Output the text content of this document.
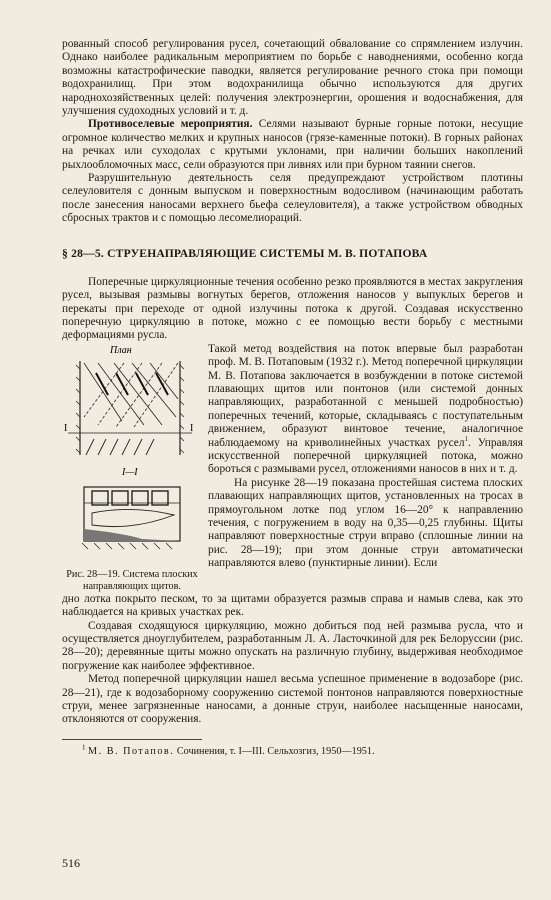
рованный способ регулирования русел, сочетающий обвалование со спрямлением излучин. Однако наиболее радикальным мероприятием по борьбе с наводнениями, особенно когда возможны катастрофические паводки, является регулирование речного стока при помощи водохранилищ. При этом водохранилища обычно используются для других народнохозяйственных целей: получения электроэнергии, орошения и водоснабжения, для улучшения судоходных условий и т. д.

Противоселевые мероприятия. Селями называют бурные горные потоки, несущие огромное количество мелких и крупных наносов (грязе-каменные потоки). В горных районах на речках или суходолах с крутыми уклонами, при наличии больших накоплений рыхлообломочных масс, сели образуются при ливнях или при бурном таянии снегов.

Разрушительную деятельность селя предупреждают устройством плотины селеуловителя с донным выпуском и поверхностным водосливом (начинающим работать после занесения наносами верхнего бьефа селеуловителя), а также устройством обводных сбросных трактов и с помощью лесомелиораций.

§ 28—5. СТРУЕНАПРАВЛЯЮЩИЕ СИСТЕМЫ М. В. ПОТАПОВА

Поперечные циркуляционные течения особенно резко проявляются в местах закругления русел, вызывая размывы вогнутых берегов, отложения наносов у выпуклых берегов и перекаты при переходе от одной излучины потока к другой. Создавая искусственно поперечную циркуляцию в потоке, можно с ее помощью вести борьбу с местными деформациями русла.

План
I	I
I—I
Рис. 28—19. Система плоских направляющих щитов.

Такой метод воздействия на поток впервые был разработан проф. М. В. Потаповым (1932 г.). Метод поперечной циркуляции М. В. Потапова заключается в возбуждении в потоке системой плавающих щитов или понтонов (или системой донных направляющих, разработанной с меньшей подробностью) поперечных течений, которые, складываясь с поступательным движением, образуют винтовое течение, аналогичное наблюдаемому на криволинейных участках русел$^1$. Управляя искусственной поперечной циркуляцией потока, можно бороться с размывами русел, отложениями наносов в них и т. д.

На рисунке 28—19 показана простейшая система плоских плавающих направляющих щитов, установленных на тросах в прямоугольном лотке под углом 16—20° к направлению течения, с погружением в воду на 0,35—0,25 глубины. Щиты направляют поверхностные струи вправо (сплошные линии на рис. 28—19); при этом донные струи автоматически направляются влево (пунктирные линии). Если

дно лотка покрыто песком, то за щитами образуется размыв справа и намыв слева, как это наблюдается на кривых участках рек.

Создавая сходящуюся циркуляцию, можно добиться под ней размыва русла, что и осуществляется дноуглубителем, разработанным Л. А. Ласточкиной для рек Белоруссии (рис. 28—20); деревянные щиты можно опускать на различную глубину, выдерживая необходимое погружение как наиболее эффективное.

Метод поперечной циркуляции нашел весьма успешное применение в водозаборе (рис. 28—21), где к водозаборному сооружению системой понтонов направляются поверхностные струи, менее загрязненные наносами, а донные струи, наиболее насыщенные наносами, отклоняются от сооружения.

$^1$ М. В. Потапов. Сочинения, т. I—III. Сельхозгиз, 1950—1951.

516
